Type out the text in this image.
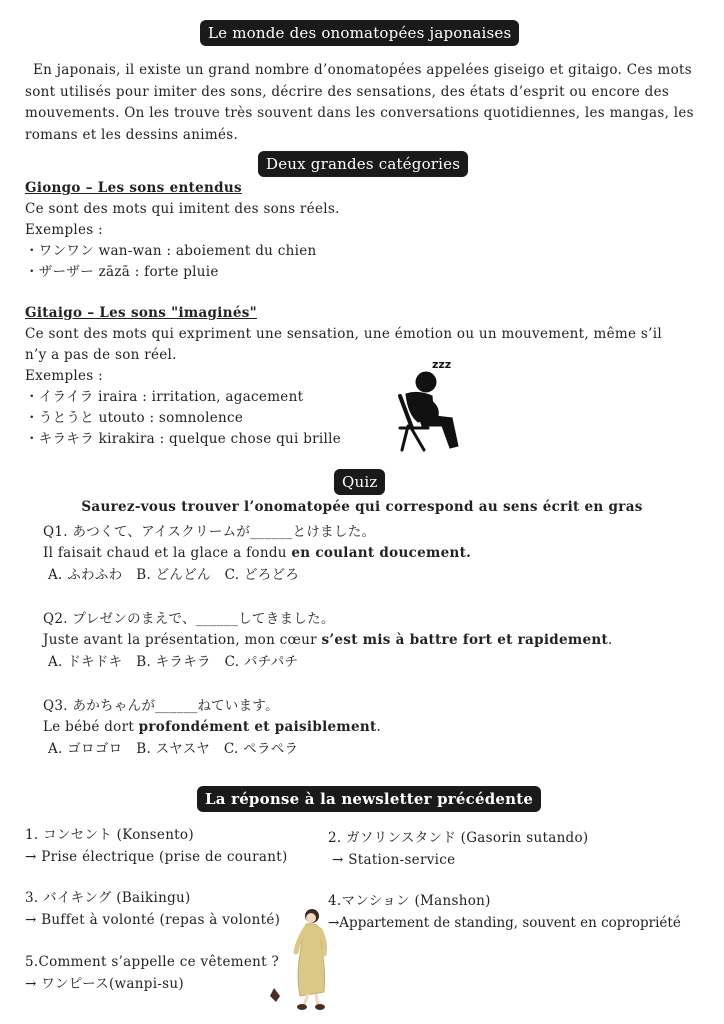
Le monde des onomatopées japonaises
En japonais, il existe un grand nombre d’onomatopées appelées giseigo et gitaigo. Ces mots sont utilisés pour imiter des sons, décrire des sensations, des états d’esprit ou encore des mouvements. On les trouve très souvent dans les conversations quotidiennes, les mangas, les romans et les dessins animés.
Deux grandes catégories
Giongo – Les sons entendus
Ce sont des mots qui imitent des sons réels.
Exemples :
・ワンワン wan-wan : aboiement du chien
・ザーザー zāzā : forte pluie
Gitaigo – Les sons "imaginés"
Ce sont des mots qui expriment une sensation, une émotion ou un mouvement, même s’il
n’y a pas de son réel.
Exemples :
・イライラ iraira : irritation, agacement
・うとうと utouto : somnolence
・キラキラ kirakira : quelque chose qui brille
zzz
Quiz
Saurez-vous trouver l’onomatopée qui correspond au sens écrit en gras
Q1. あつくて、アイスクリームが______とけました。
Il faisait chaud et la glace a fondu en coulant doucement.
A. ふわふわ　B. どんどん　C. どろどろ
Q2. プレゼンのまえで、______してきました。
Juste avant la présentation, mon cœur s’est mis à battre fort et rapidement.
A. ドキドキ　B. キラキラ　C. パチパチ
Q3. あかちゃんが______ねています。
Le bébé dort profondément et paisiblement.
A. ゴロゴロ　B. スヤスヤ　C. ペラペラ
La réponse à la newsletter précédente
1. コンセント (Konsento)
→ Prise électrique (prise de courant)
2. ガソリンスタンド (Gasorin sutando)
→ Station-service
3. バイキング (Baikingu)
→ Buffet à volonté (repas à volonté)
4.マンション (Manshon)
→Appartement de standing, souvent en copropriété
5.Comment s’appelle ce vêtement ?
→ ワンピース(wanpi-su)
